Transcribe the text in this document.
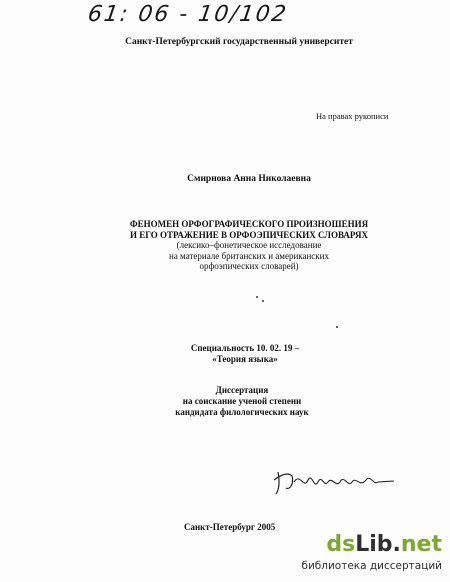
61: 06 - 10/102
Санкт-Петербургский государственный университет
На правах рукописи
Смирнова Анна Николаевна
ФЕНОМЕН ОРФОГРАФИЧЕСКОГО ПРОИЗНОШЕНИЯ
И ЕГО ОТРАЖЕНИЕ В ОРФОЭПИЧЕСКИХ СЛОВАРЯХ
(лексико–фонетическое исследование
на материале британских и американских
орфоэпических словарей)
Специальность 10. 02. 19 –
«Теория языка»
Диссертация
на соискание ученой степени
кандидата филологических наук
Санкт-Петербург 2005
dsLib.net
библиотека диссертаций
